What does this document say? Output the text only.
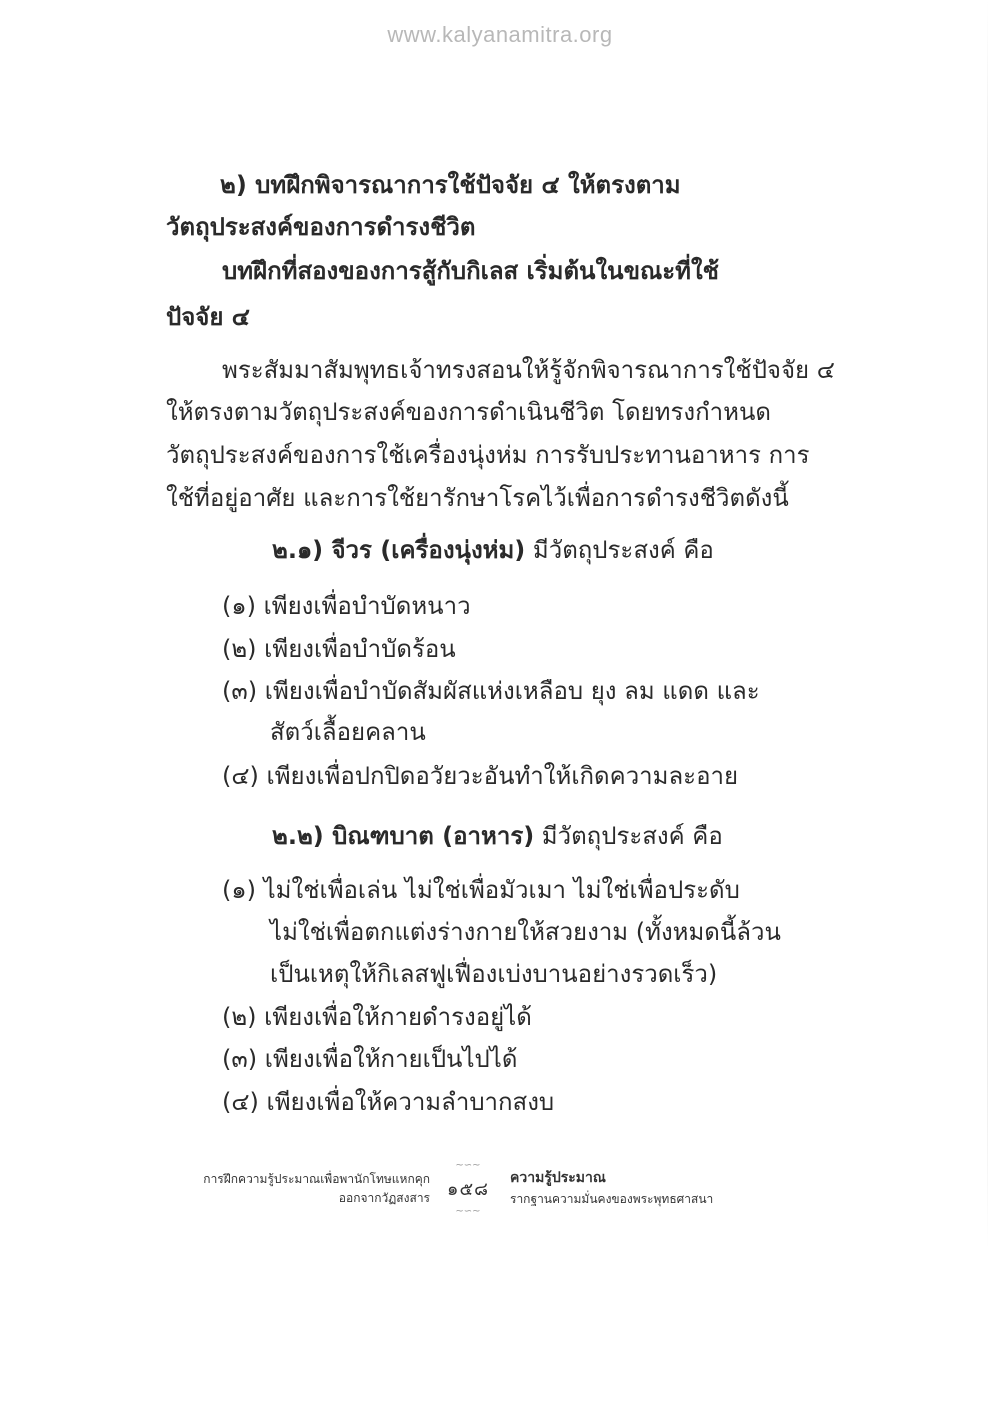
www.kalyanamitra.org
๒) บทฝึกพิจารณาการใช้ปัจจัย ๔ ให้ตรงตาม
วัตถุประสงค์ของการดำรงชีวิต
บทฝึกที่สองของการสู้กับกิเลส เริ่มต้นในขณะที่ใช้
ปัจจัย ๔
พระสัมมาสัมพุทธเจ้าทรงสอนให้รู้จักพิจารณาการใช้ปัจจัย ๔
ให้ตรงตามวัตถุประสงค์ของการดำเนินชีวิต โดยทรงกำหนด
วัตถุประสงค์ของการใช้เครื่องนุ่งห่ม การรับประทานอาหาร การ
ใช้ที่อยู่อาศัย และการใช้ยารักษาโรคไว้เพื่อการดำรงชีวิตดังนี้
๒.๑) จีวร (เครื่องนุ่งห่ม) มีวัตถุประสงค์ คือ
(๑) เพียงเพื่อบำบัดหนาว
(๒) เพียงเพื่อบำบัดร้อน
(๓) เพียงเพื่อบำบัดสัมผัสแห่งเหลือบ ยุง ลม แดด และ
สัตว์เลื้อยคลาน
(๔) เพียงเพื่อปกปิดอวัยวะอันทำให้เกิดความละอาย
๒.๒) บิณฑบาต (อาหาร) มีวัตถุประสงค์ คือ
(๑) ไม่ใช่เพื่อเล่น ไม่ใช่เพื่อมัวเมา ไม่ใช่เพื่อประดับ
ไม่ใช่เพื่อตกแต่งร่างกายให้สวยงาม (ทั้งหมดนี้ล้วน
เป็นเหตุให้กิเลสฟูเฟื่องเบ่งบานอย่างรวดเร็ว)
(๒) เพียงเพื่อให้กายดำรงอยู่ได้
(๓) เพียงเพื่อให้กายเป็นไปได้
(๔) เพียงเพื่อให้ความลำบากสงบ
การฝึกความรู้ประมาณเพื่อพานักโทษแหกคุก
ออกจากวัฏสงสาร
~∽~
๑๕๘
~∽~
ความรู้ประมาณ
รากฐานความมั่นคงของพระพุทธศาสนา
